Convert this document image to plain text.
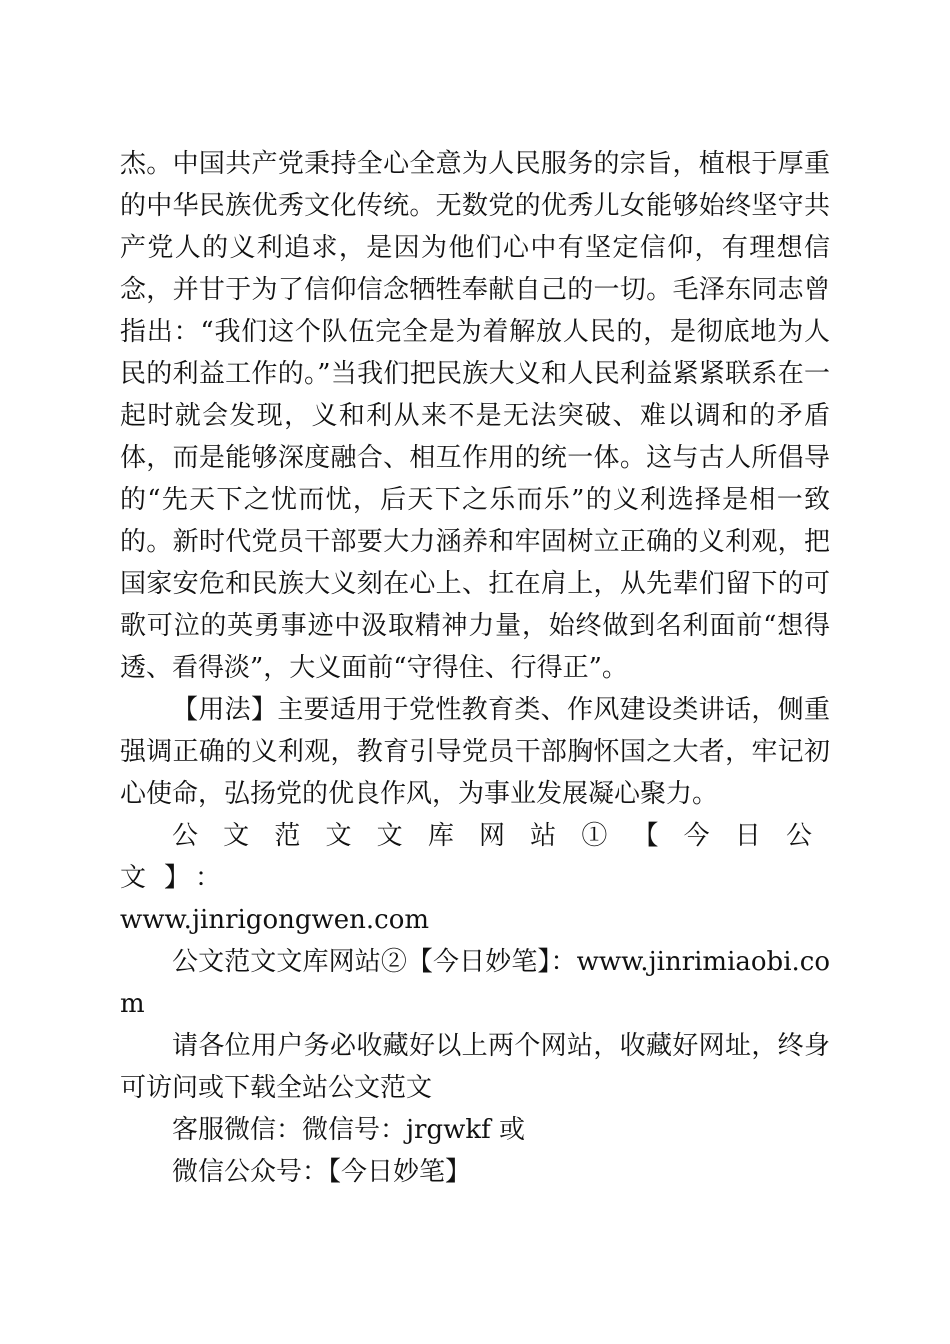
杰。中国共产党秉持全心全意为人民服务的宗旨，植根于厚重的中华民族优秀文化传统。无数党的优秀儿女能够始终坚守共产党人的义利追求，是因为他们心中有坚定信仰，有理想信念，并甘于为了信仰信念牺牲奉献自己的一切。毛泽东同志曾指出：“我们这个队伍完全是为着解放人民的，是彻底地为人民的利益工作的。”当我们把民族大义和人民利益紧紧联系在一起时就会发现，义和利从来不是无法突破、难以调和的矛盾体，而是能够深度融合、相互作用的统一体。这与古人所倡导的“先天下之忧而忧，后天下之乐而乐”的义利选择是相一致的。新时代党员干部要大力涵养和牢固树立正确的义利观，把国家安危和民族大义刻在心上、扛在肩上，从先辈们留下的可歌可泣的英勇事迹中汲取精神力量，始终做到名利面前“想得透、看得淡”，大义面前“守得住、行得正”。

【用法】主要适用于党性教育类、作风建设类讲话，侧重强调正确的义利观，教育引导党员干部胸怀国之大者，牢记初心使命，弘扬党的优良作风，为事业发展凝心聚力。

公文范文文库网站①【今日公文】：

www.jinrigongwen.com

公文范文文库网站②【今日妙笔】：www.jinrimiaobi.com

请各位用户务必收藏好以上两个网站，收藏好网址，终身可访问或下载全站公文范文

客服微信：微信号：jrgwkf 或

微信公众号：【今日妙笔】
